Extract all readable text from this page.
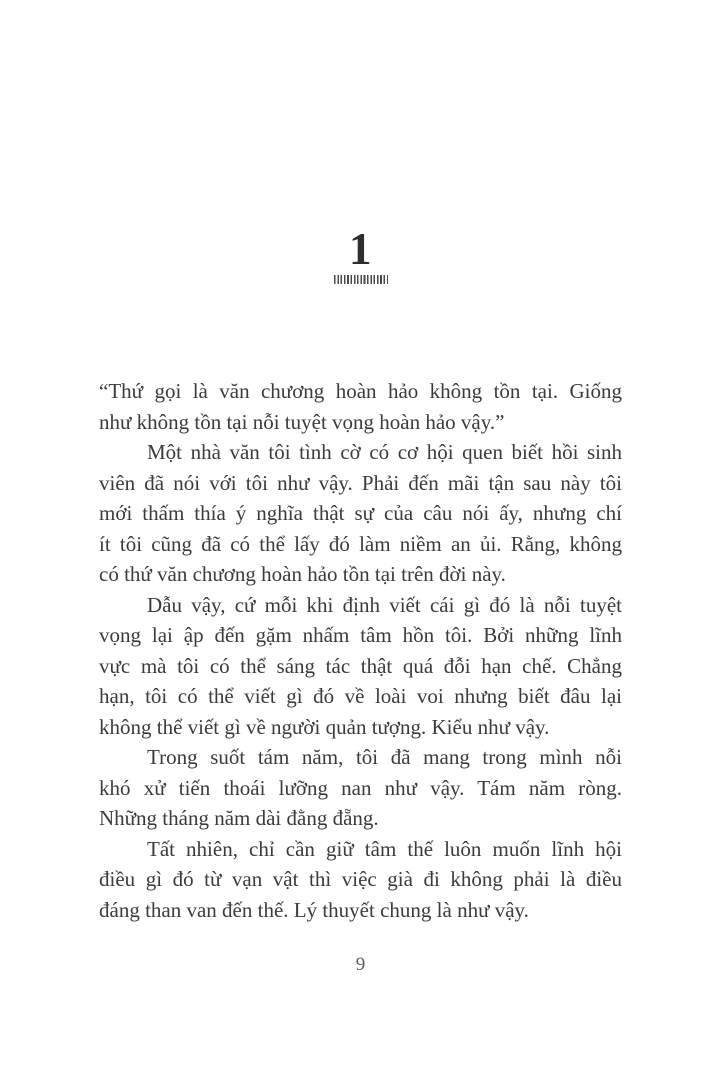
1
“Thứ gọi là văn chương hoàn hảo không tồn tại. Giống
như không tồn tại nỗi tuyệt vọng hoàn hảo vậy.”
Một nhà văn tôi tình cờ có cơ hội quen biết hồi sinh
viên đã nói với tôi như vậy. Phải đến mãi tận sau này tôi
mới thấm thía ý nghĩa thật sự của câu nói ấy, nhưng chí
ít tôi cũng đã có thể lấy đó làm niềm an ủi. Rằng, không
có thứ văn chương hoàn hảo tồn tại trên đời này.
Dẫu vậy, cứ mỗi khi định viết cái gì đó là nỗi tuyệt
vọng lại ập đến gặm nhấm tâm hồn tôi. Bởi những lĩnh
vực mà tôi có thể sáng tác thật quá đỗi hạn chế. Chẳng
hạn, tôi có thể viết gì đó về loài voi nhưng biết đâu lại
không thể viết gì về người quản tượng. Kiểu như vậy.
Trong suốt tám năm, tôi đã mang trong mình nỗi
khó xử tiến thoái lưỡng nan như vậy. Tám năm ròng.
Những tháng năm dài đằng đẵng.
Tất nhiên, chỉ cần giữ tâm thế luôn muốn lĩnh hội
điều gì đó từ vạn vật thì việc già đi không phải là điều
đáng than van đến thế. Lý thuyết chung là như vậy.
9
